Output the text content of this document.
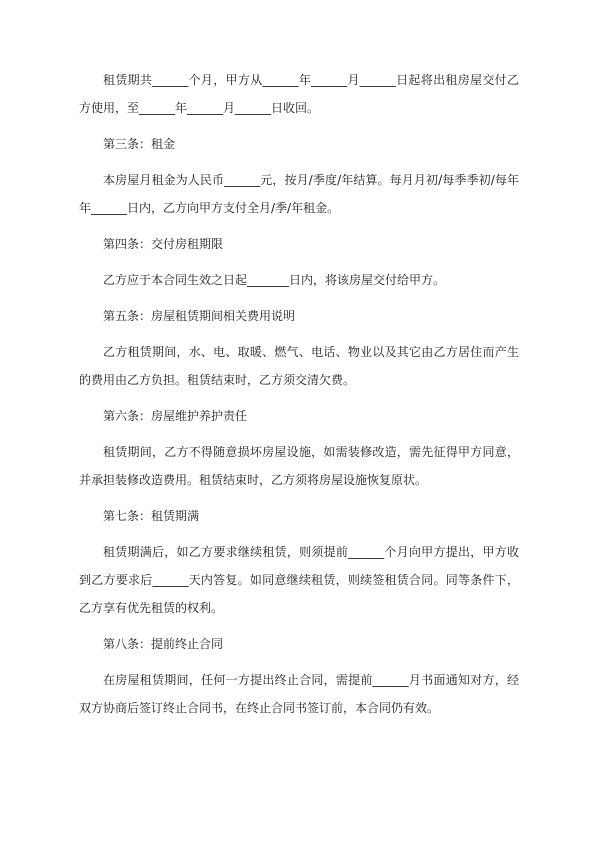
租赁期共______个月，甲方从______年______月______日起将出租房屋交付乙方使用，至______年______月______日收回。

第三条：租金

本房屋月租金为人民币______元，按月/季度/年结算。每月月初/每季季初/每年年______日内，乙方向甲方支付全月/季/年租金。

第四条：交付房租期限

乙方应于本合同生效之日起_______日内，将该房屋交付给甲方。

第五条：房屋租赁期间相关费用说明

乙方租赁期间，水、电、取暖、燃气、电话、物业以及其它由乙方居住而产生的费用由乙方负担。租赁结束时，乙方须交清欠费。

第六条：房屋维护养护责任

租赁期间，乙方不得随意损坏房屋设施，如需装修改造，需先征得甲方同意，并承担装修改造费用。租赁结束时，乙方须将房屋设施恢复原状。

第七条：租赁期满

租赁期满后，如乙方要求继续租赁，则须提前______个月向甲方提出，甲方收到乙方要求后______天内答复。如同意继续租赁，则续签租赁合同。同等条件下，乙方享有优先租赁的权利。

第八条：提前终止合同

在房屋租赁期间，任何一方提出终止合同，需提前______月书面通知对方，经双方协商后签订终止合同书，在终止合同书签订前，本合同仍有效。
